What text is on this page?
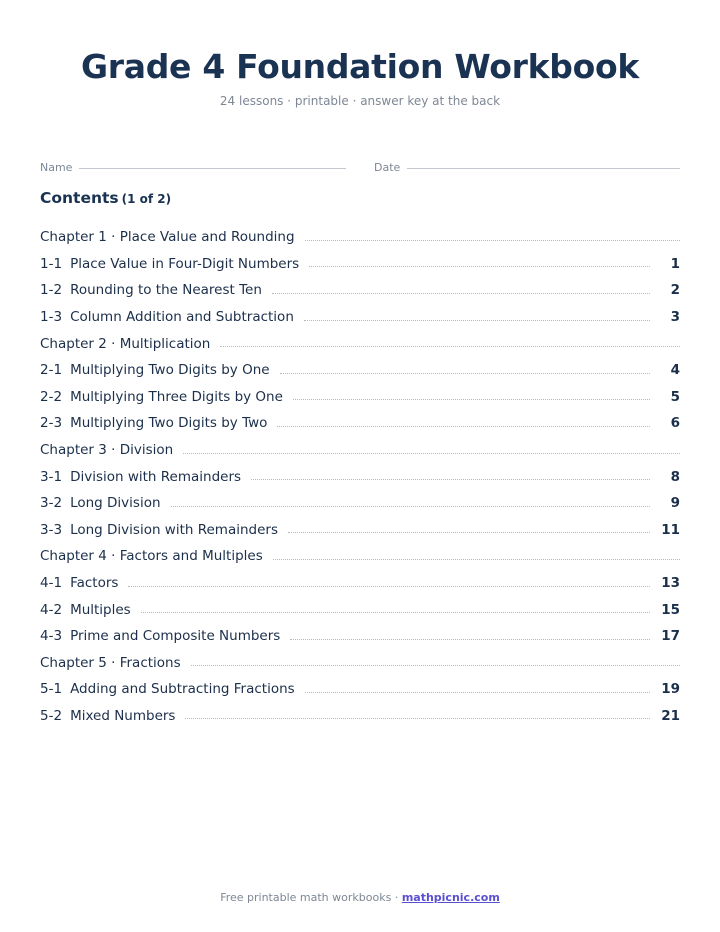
Grade 4 Foundation Workbook
24 lessons · printable · answer key at the back
Name	Date
Contents (1 of 2)
Chapter 1 · Place Value and Rounding
1-1 Place Value in Four-Digit Numbers	1
1-2 Rounding to the Nearest Ten	2
1-3 Column Addition and Subtraction	3
Chapter 2 · Multiplication
2-1 Multiplying Two Digits by One	4
2-2 Multiplying Three Digits by One	5
2-3 Multiplying Two Digits by Two	6
Chapter 3 · Division
3-1 Division with Remainders	8
3-2 Long Division	9
3-3 Long Division with Remainders	11
Chapter 4 · Factors and Multiples
4-1 Factors	13
4-2 Multiples	15
4-3 Prime and Composite Numbers	17
Chapter 5 · Fractions
5-1 Adding and Subtracting Fractions	19
5-2 Mixed Numbers	21
Free printable math workbooks · mathpicnic.com
